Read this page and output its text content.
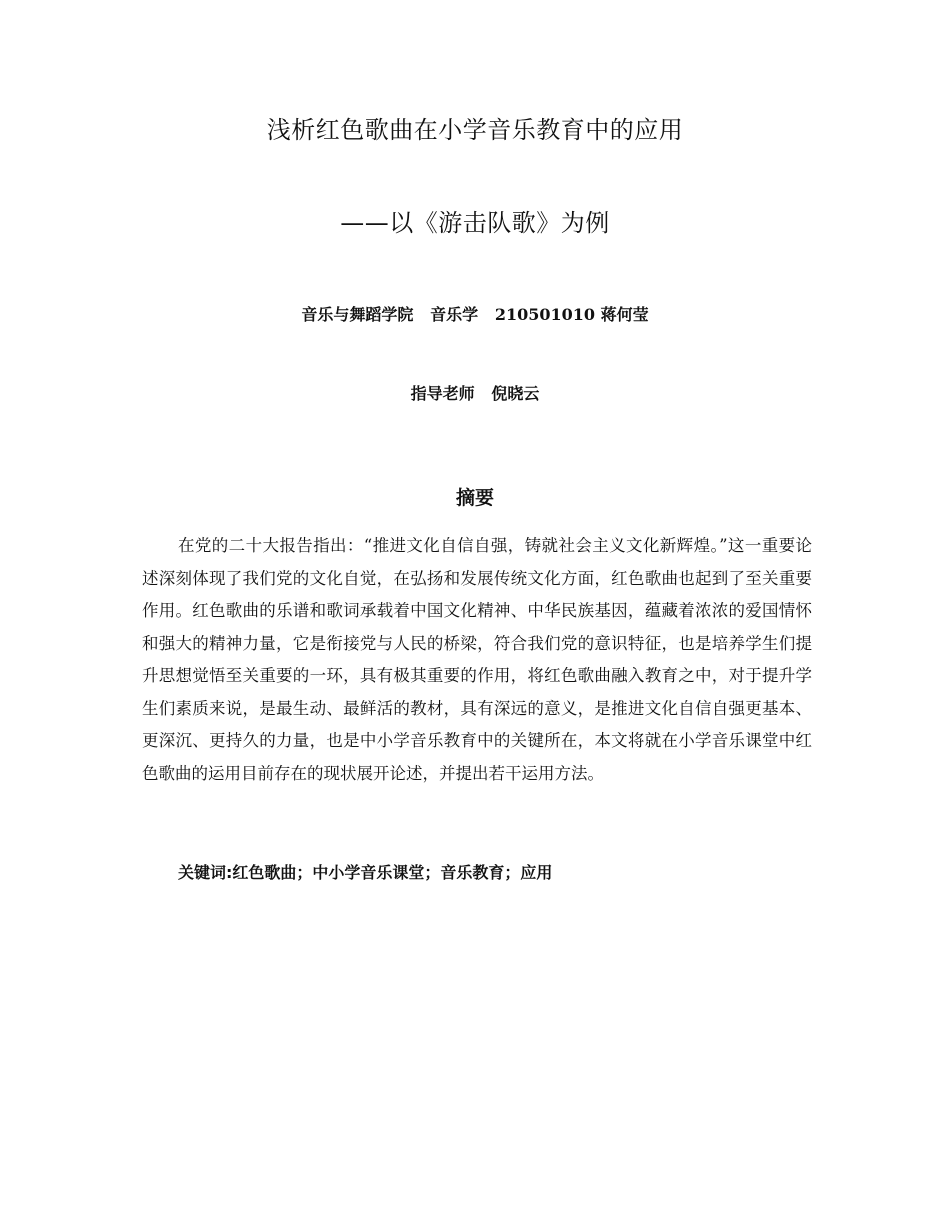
浅析红色歌曲在小学音乐教育中的应用
——以《游击队歌》为例
音乐与舞蹈学院   音乐学   210501010 蒋何莹
指导老师   倪晓云
摘要

在党的二十大报告指出：“推进文化自信自强，铸就社会主义文化新辉煌。”这一重要论述深刻体现了我们党的文化自觉，在弘扬和发展传统文化方面，红色歌曲也起到了至关重要作用。红色歌曲的乐谱和歌词承载着中国文化精神、中华民族基因，蕴藏着浓浓的爱国情怀和强大的精神力量，它是衔接党与人民的桥梁，符合我们党的意识特征，也是培养学生们提升思想觉悟至关重要的一环，具有极其重要的作用，将红色歌曲融入教育之中，对于提升学生们素质来说，是最生动、最鲜活的教材，具有深远的意义，是推进文化自信自强更基本、更深沉、更持久的力量，也是中小学音乐教育中的关键所在，本文将就在小学音乐课堂中红色歌曲的运用目前存在的现状展开论述，并提出若干运用方法。

关键词:红色歌曲；中小学音乐课堂；音乐教育；应用
